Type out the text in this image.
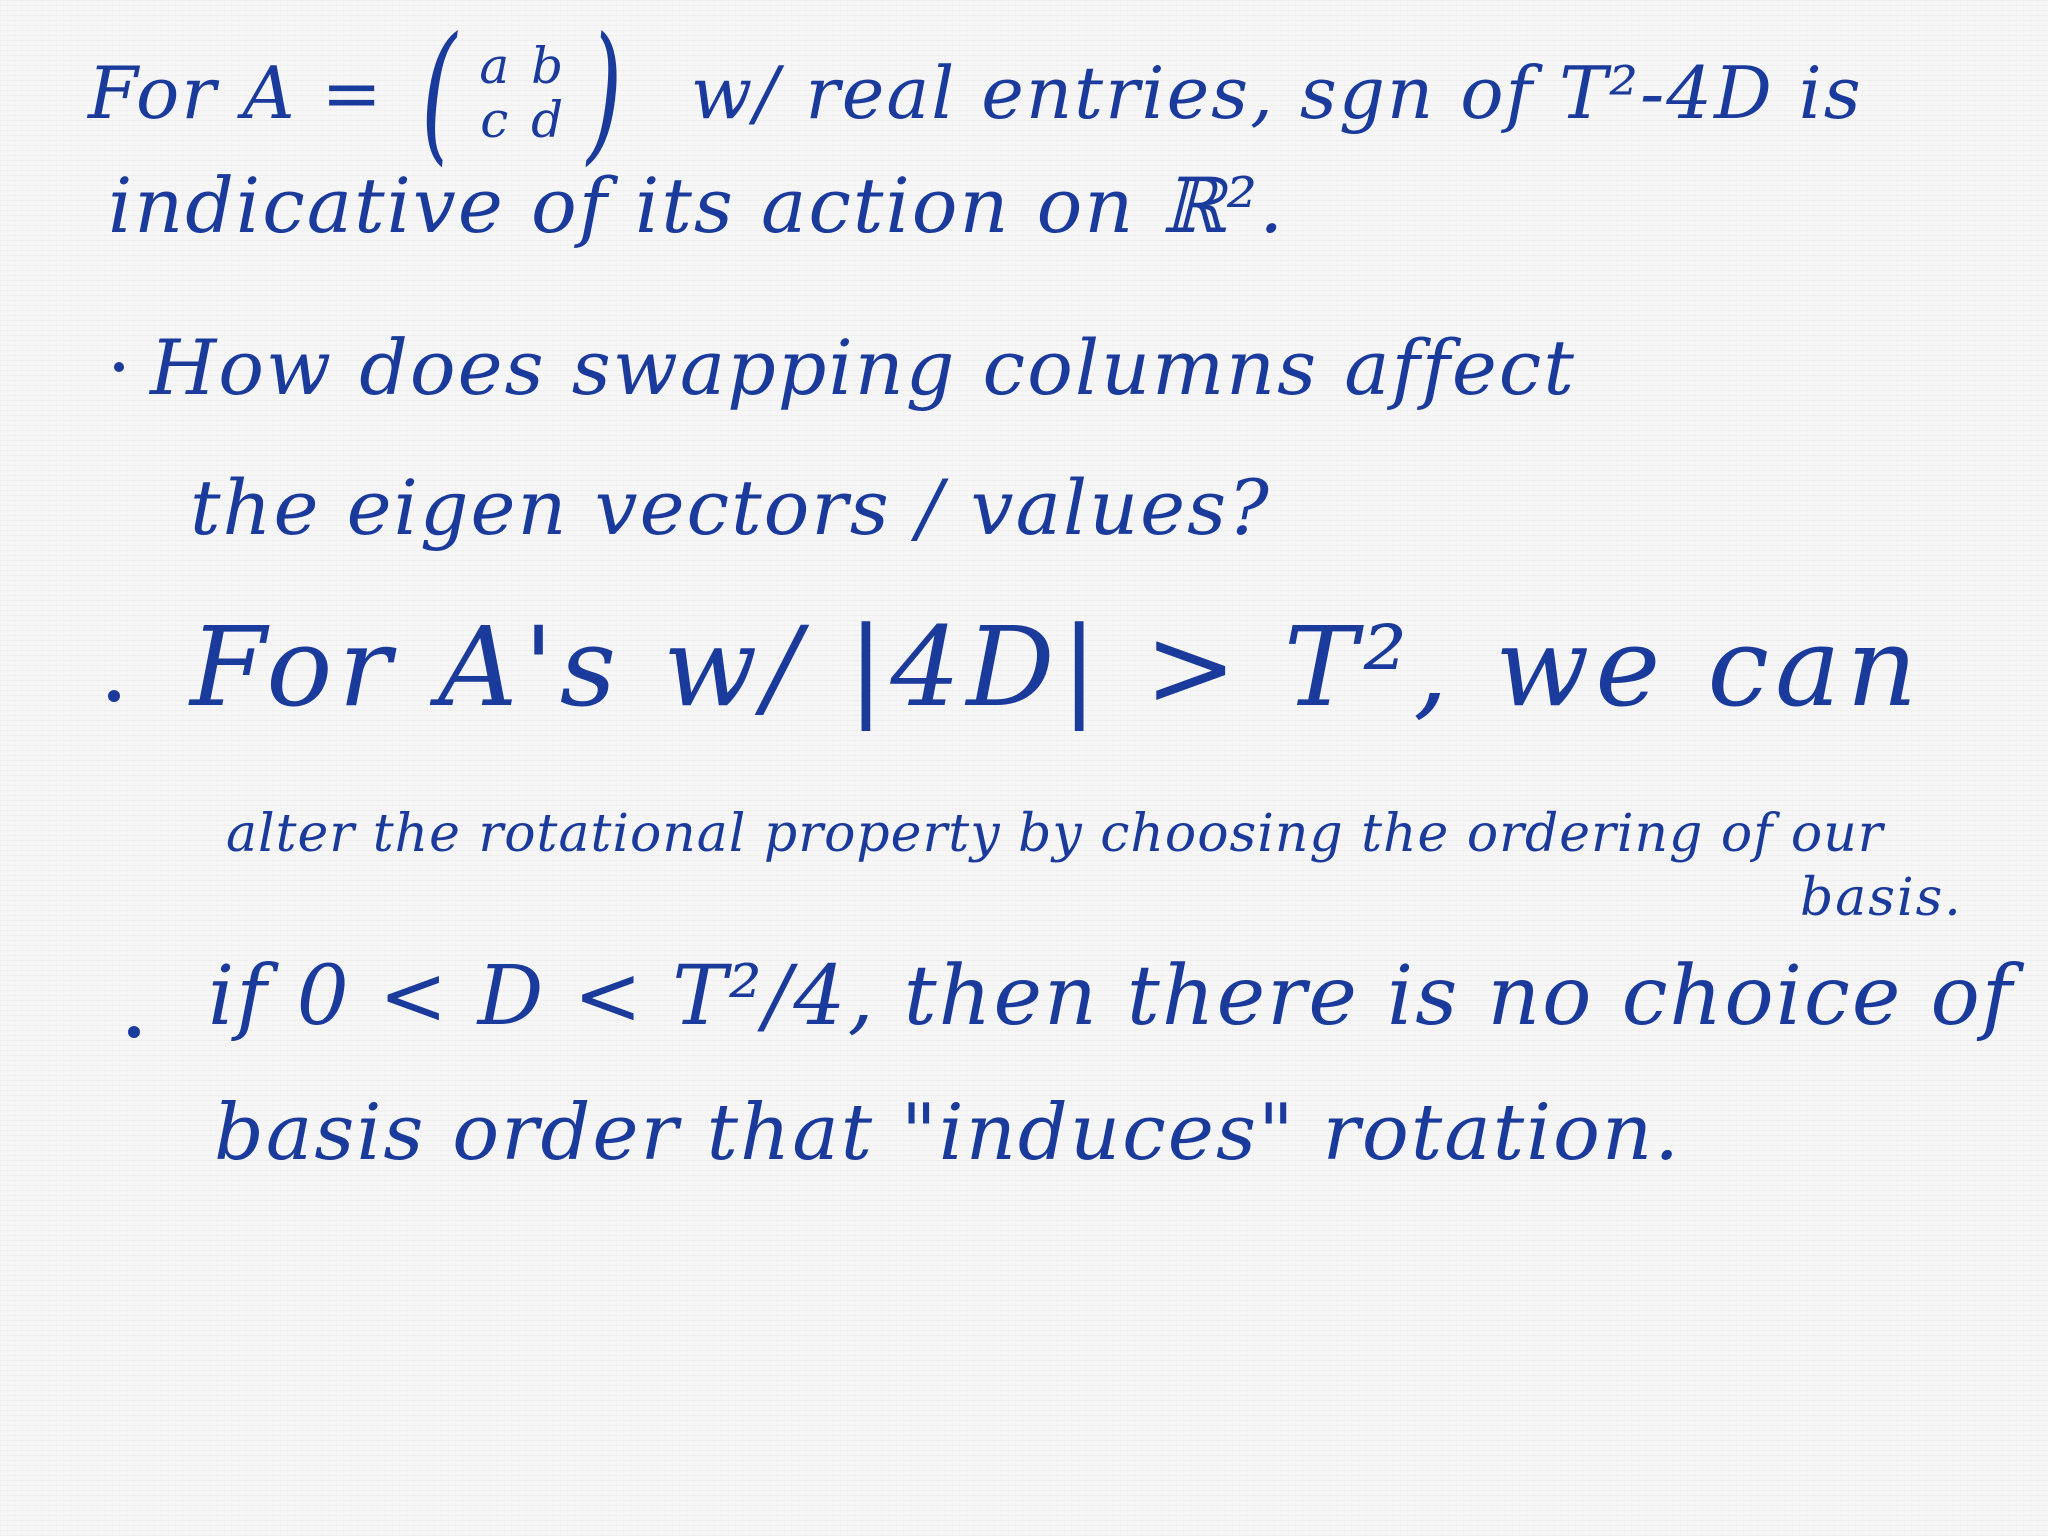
For A = ( a	b
c	d ) w/ real entries, sgn of T²-4D is
indicative of its action on ℝ².
How does swapping columns affect
the eigen vectors / values?
For A's w/ |4D| > T², we can
alter the rotational property by choosing the ordering of our
basis.
if 0 < D < T²/4, then there is no choice of
basis order that "induces" rotation.
